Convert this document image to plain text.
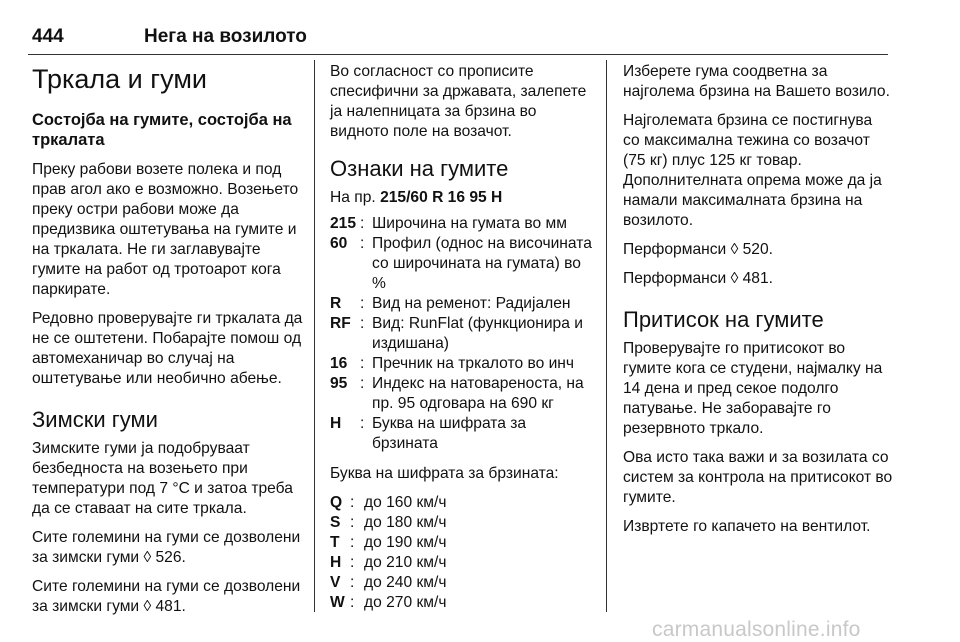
444	Нега на возилото
Тркала и гуми
Состојба на гумите, состојба на тркалата

Преку рабови возете полека и под прав агол ако е возможно. Возењето преку остри рабови може да предизвика оштетувања на гумите и на тркалата. Не ги заглавувајте гумите на работ од тротоарот кога паркирате.

Редовно проверувајте ги тркалата да не се оштетени. Побарајте помош од автомеханичар во случај на оштетување или необично абење.

Зимски гуми

Зимските гуми ја подобруваат безбедноста на возењето при температури под 7 °C и затоа треба да се ставаат на сите тркала.

Сите големини на гуми се дозволени за зимски гуми ◊ 526.

Сите големини на гуми се дозволени за зимски гуми ◊ 481.

Во согласност со прописите спесифични за државата, залепете ја налепницата за брзина во видното поле на возачот.

Ознаки на гумите
На пр. 215/60 R 16 95 H
215 : Широчина на гумата во мм
60 : Профил (однос на височината со широчината на гумата) во %
R	: Вид на ременот: Радијален
RF : Вид: RunFlat (функционира и издишана)
16 : Пречник на тркалото во инч
95 : Индекс на натовареноста, на пр. 95 одговара на 690 кг
H	: Буква на шифрата за брзината

Буква на шифрата за брзината:

Q : до 160 км/ч
S : до 180 км/ч
T : до 190 км/ч
H : до 210 км/ч
V : до 240 км/ч
W : до 270 км/ч

Изберете гума соодветна за најголема брзина на Вашето возило.

Најголемата брзина се постигнува со максимална тежина со возачот (75 кг) плус 125 кг товар. Дополнителната опрема може да ја намали максималната брзина на возилото.

Перформанси ◊ 520.

Перформанси ◊ 481.

Притисок на гумите

Проверувајте го притисокот во гумите кога се студени, најмалку на 14 дена и пред секое подолго патување. Не заборавајте го резервното тркало.

Ова исто така важи и за возилата со систем за контрола на притисокот во гумите.

Извртете го капачето на вентилот.

carmanualsonline.info
